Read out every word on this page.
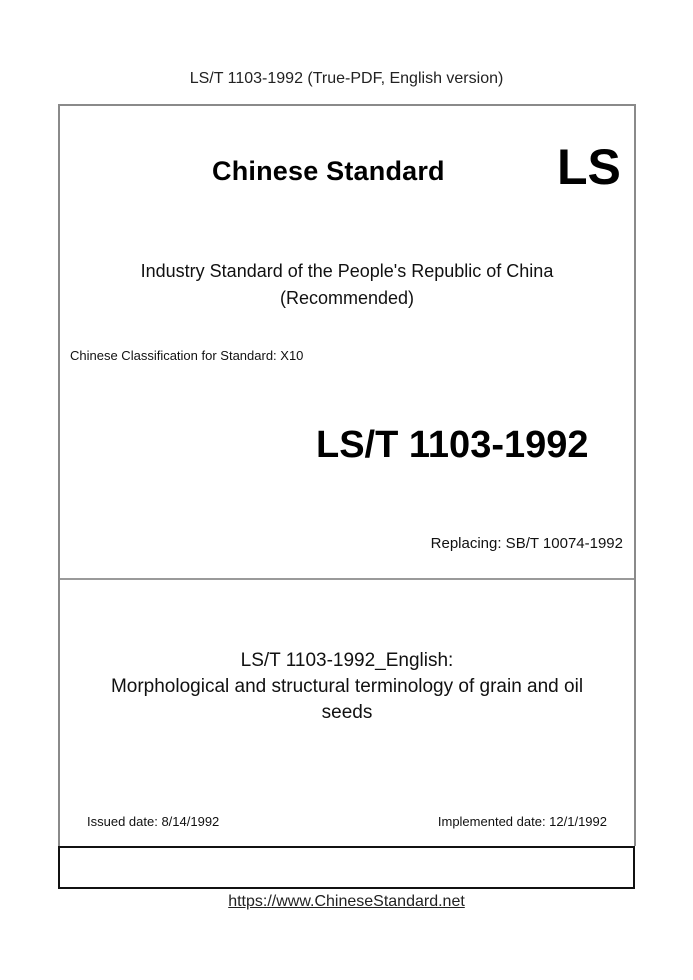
LS/T 1103-1992 (True-PDF, English version)
Chinese Standard LS
Industry Standard of the People's Republic of China
(Recommended)
Chinese Classification for Standard: X10
LS/T 1103-1992
Replacing: SB/T 10074-1992
LS/T 1103-1992_English:
Morphological and structural terminology of grain and oil
seeds
Issued date: 8/14/1992	Implemented date: 12/1/1992
https://www.ChineseStandard.net
